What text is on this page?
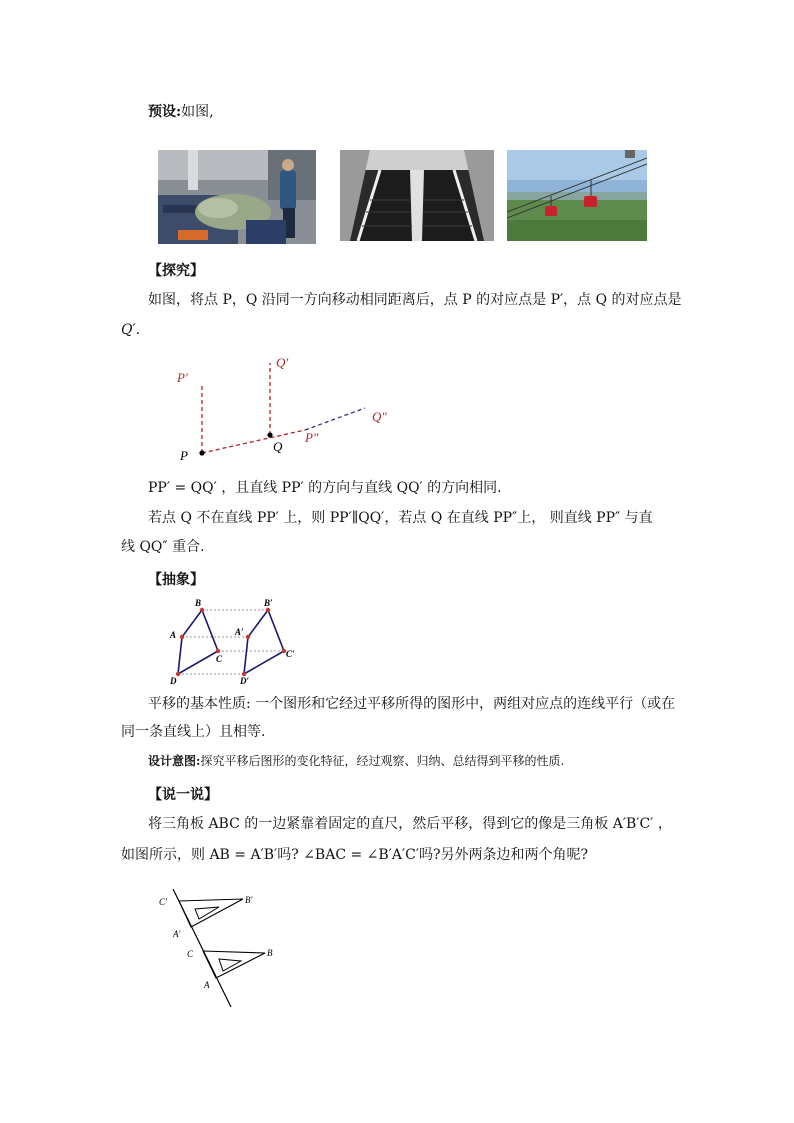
预设:如图,
【探究】
如图，将点 P，Q 沿同一方向移动相同距离后，点 P 的对应点是 P′，点 Q 的对应点是
Q′.
P
Q
P′
Q′
P″
Q″
PP′ = QQ′ ，且直线 PP′ 的方向与直线 QQ′ 的方向相同.
若点 Q 不在直线 PP′ 上，则 PP′∥QQ′，若点 Q 在直线 PP″上， 则直线 PP″ 与直
线 QQ″ 重合.
【抽象】
B
A
D
C
B′
A′
D′
C′
平移的基本性质: 一个图形和它经过平移所得的图形中，两组对应点的连线平行（或在
同一条直线上）且相等.
设计意图:探究平移后图形的变化特征，经过观察、归纳、总结得到平移的性质.
【说一说】
将三角板 ABC 的一边紧靠着固定的直尺，然后平移，得到它的像是三角板 A′B′C′ ，
如图所示，则 AB = A′B′吗? ∠BAC = ∠B′A′C′吗?另外两条边和两个角呢?
C′	B′
A′
C	B
A
